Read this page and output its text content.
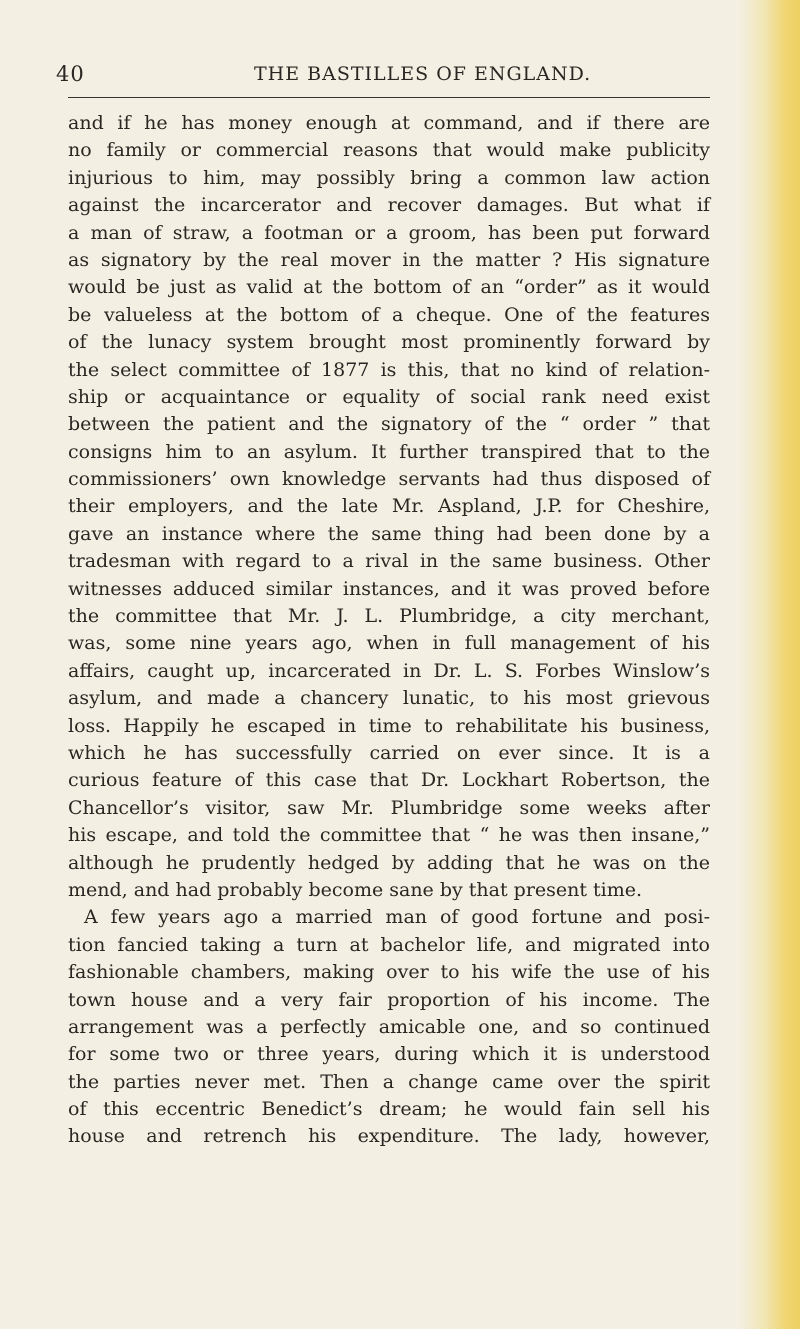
40	THE BASTILLES OF ENGLAND.
and if he has money enough at command, and if there are
no family or commercial reasons that would make publicity
injurious to him, may possibly bring a common law action
against the incarcerator and recover damages. But what if
a man of straw, a footman or a groom, has been put forward
as signatory by the real mover in the matter ? His signature
would be just as valid at the bottom of an “order” as it would
be valueless at the bottom of a cheque. One of the features
of the lunacy system brought most prominently forward by
the select committee of 1877 is this, that no kind of relation-
ship or acquaintance or equality of social rank need exist
between the patient and the signatory of the “ order ” that
consigns him to an asylum. It further transpired that to the
commissioners’ own knowledge servants had thus disposed of
their employers, and the late Mr. Aspland, J.P. for Cheshire,
gave an instance where the same thing had been done by a
tradesman with regard to a rival in the same business. Other
witnesses adduced similar instances, and it was proved before
the committee that Mr. J. L. Plumbridge, a city merchant,
was, some nine years ago, when in full management of his
affairs, caught up, incarcerated in Dr. L. S. Forbes Winslow’s
asylum, and made a chancery lunatic, to his most grievous
loss. Happily he escaped in time to rehabilitate his business,
which he has successfully carried on ever since. It is a
curious feature of this case that Dr. Lockhart Robertson, the
Chancellor’s visitor, saw Mr. Plumbridge some weeks after
his escape, and told the committee that “ he was then insane,”
although he prudently hedged by adding that he was on the
mend, and had probably become sane by that present time.
A few years ago a married man of good fortune and posi-
tion fancied taking a turn at bachelor life, and migrated into
fashionable chambers, making over to his wife the use of his
town house and a very fair proportion of his income. The
arrangement was a perfectly amicable one, and so continued
for some two or three years, during which it is understood
the parties never met. Then a change came over the spirit
of this eccentric Benedict’s dream; he would fain sell his
house and retrench his expenditure. The lady, however,
